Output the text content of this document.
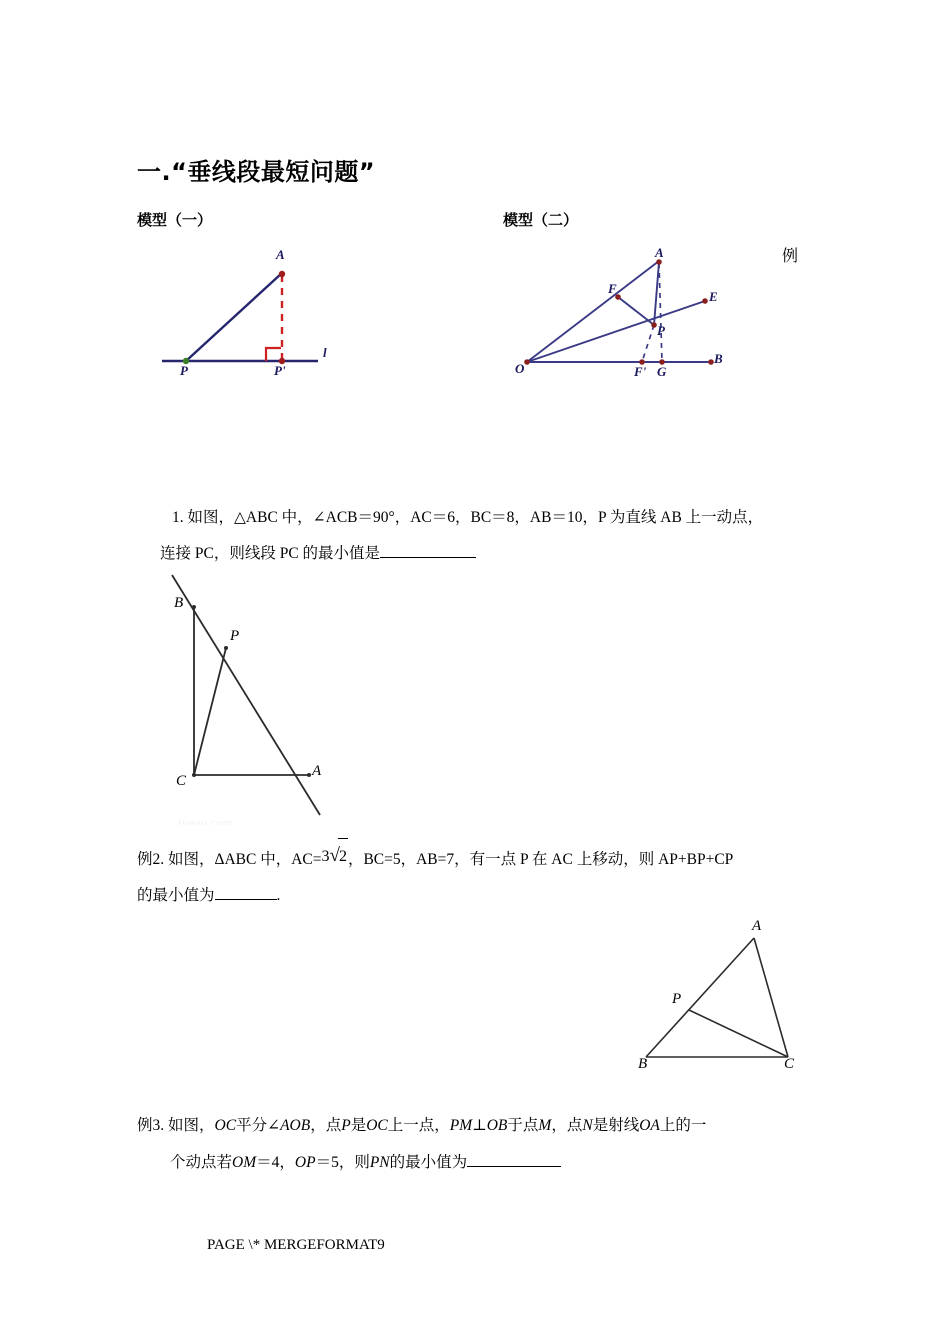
一.“垂线段最短问题”
模型（一）	模型（二）
例
A
P	P'
l
A
E
B
F
F' G
O
P
1. 如图，△ABC 中，∠ACB＝90°，AC＝6，BC＝8，AB＝10，P 为直线 AB 上一动点，
连接 PC，则线段 PC 的最小值是
jyeoo.com
B
P
C
A
例2. 如图，ΔABC 中，AC=3√2，BC=5，AB=7，有一点 P 在 AC 上移动，则 AP+BP+CP
的最小值为	.
A
P
B	C
例3. 如图，OC平分∠AOB，点P是OC上一点，PM⊥OB于点M，点N是射线OA上的一
个动点若OM＝4，OP＝5，则PN的最小值为
PAGE \* MERGEFORMAT9
